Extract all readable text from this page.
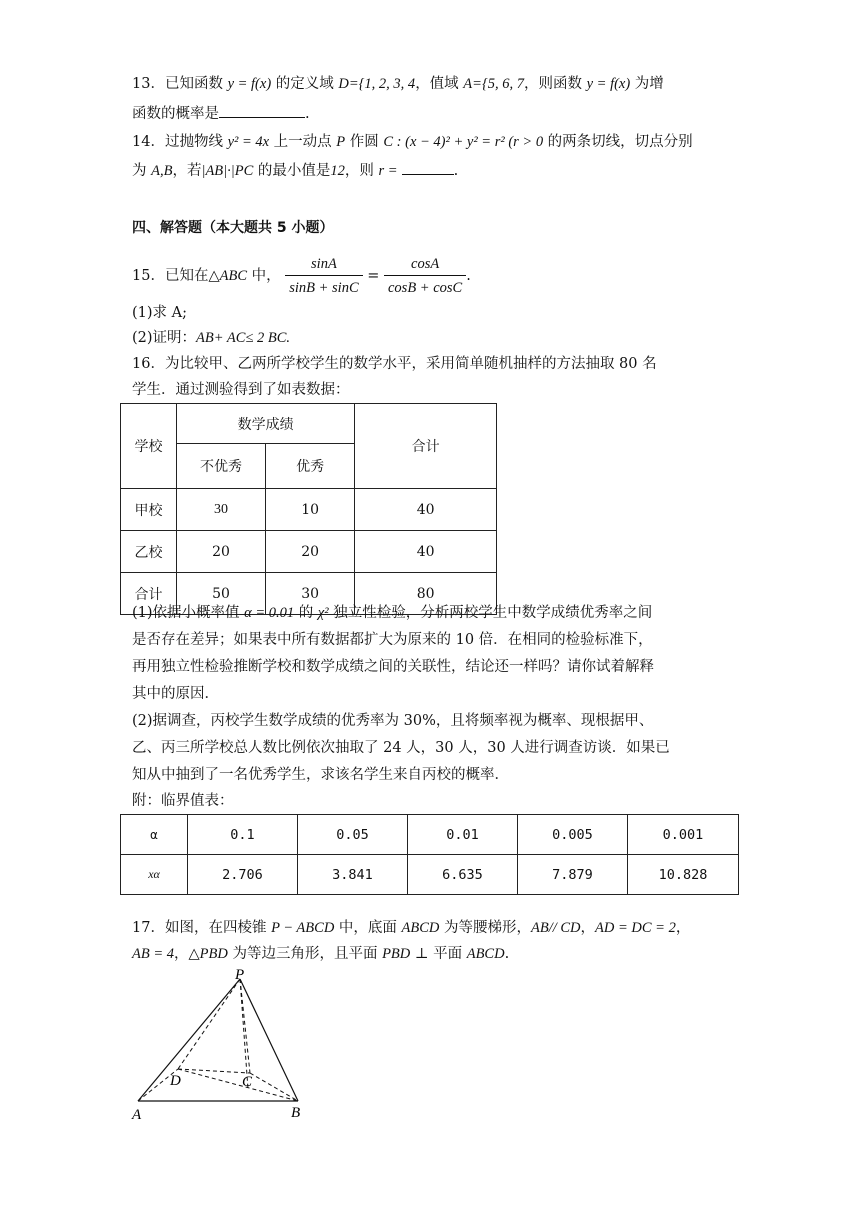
13．已知函数 y = f(x) 的定义域 D={1, 2, 3, 4，值域 A={5, 6, 7，则函数 y = f(x) 为增
函数的概率是	.
14．过抛物线 y² = 4x 上一动点 P 作圆 C : (x − 4)² + y² = r² (r > 0 的两条切线，切点分别
为 A,B，若|AB|·|PC 的最小值是12，则 r =	.
四、解答题（本大题共 5 小题）
15．已知在△ABC 中， $\frac{\sin A}{\sin B + \sin C} = \frac{\cos A}{\cos B + \cos C}$ .
(1)求 A;
(2)证明：AB+ AC≤ 2 BC.
16．为比较甲、乙两所学校学生的数学水平，采用简单随机抽样的方法抽取 80 名
学生．通过测验得到了如表数据：
学校	数学成绩		合计
	不优秀	优秀	
甲校	30	10	40
乙校	20	20	40
合计	50	30	80
(1)依据小概率值 α = 0.01 的 χ² 独立性检验，分析两校学生中数学成绩优秀率之间
是否存在差异；如果表中所有数据都扩大为原来的 10 倍．在相同的检验标准下，
再用独立性检验推断学校和数学成绩之间的关联性，结论还一样吗？请你试着解释
其中的原因．
(2)据调查，丙校学生数学成绩的优秀率为 30%，且将频率视为概率、现根据甲、
乙、丙三所学校总人数比例依次抽取了 24 人，30 人，30 人进行调查访谈．如果已
知从中抽到了一名优秀学生，求该名学生来自丙校的概率．
附：临界值表：
α	0.1	0.05	0.01	0.005	0.001
xα	2.706	3.841	6.635	7.879	10.828
17．如图，在四棱锥 P − ABCD 中，底面 ABCD 为等腰梯形，AB// CD，AD = DC = 2，
AB = 4，△PBD 为等边三角形，且平面 PBD ⊥ 平面 ABCD.
P
D	C
A	B
